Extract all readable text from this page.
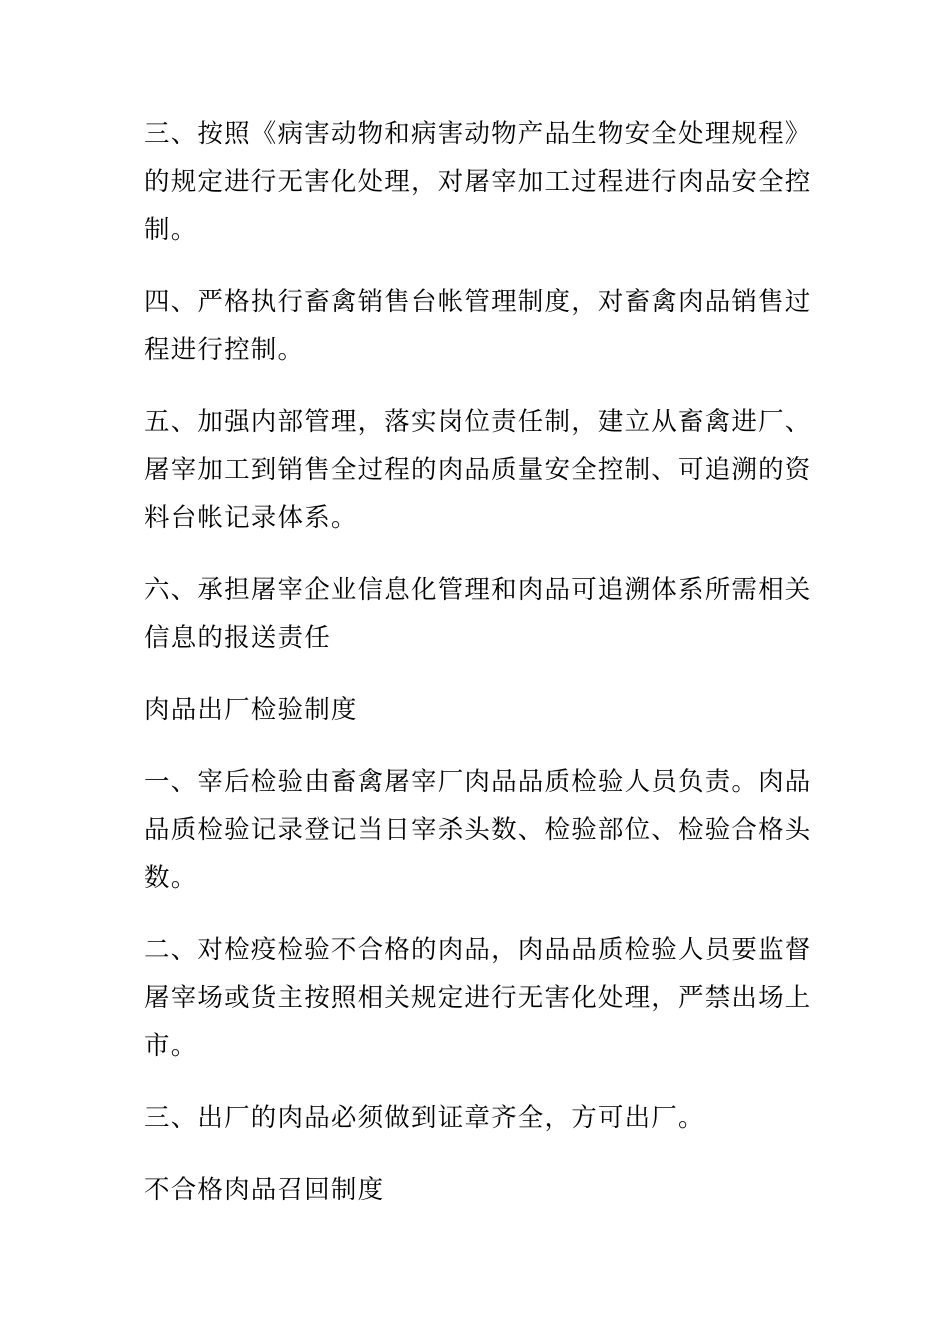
三、按照《病害动物和病害动物产品生物安全处理规程》的规定进行无害化处理，对屠宰加工过程进行肉品安全控制。

四、严格执行畜禽销售台帐管理制度，对畜禽肉品销售过程进行控制。

五、加强内部管理，落实岗位责任制，建立从畜禽进厂、屠宰加工到销售全过程的肉品质量安全控制、可追溯的资料台帐记录体系。

六、承担屠宰企业信息化管理和肉品可追溯体系所需相关信息的报送责任

肉品出厂检验制度

一、宰后检验由畜禽屠宰厂肉品品质检验人员负责。肉品品质检验记录登记当日宰杀头数、检验部位、检验合格头数。

二、对检疫检验不合格的肉品，肉品品质检验人员要监督屠宰场或货主按照相关规定进行无害化处理，严禁出场上市。

三、出厂的肉品必须做到证章齐全，方可出厂。

不合格肉品召回制度
